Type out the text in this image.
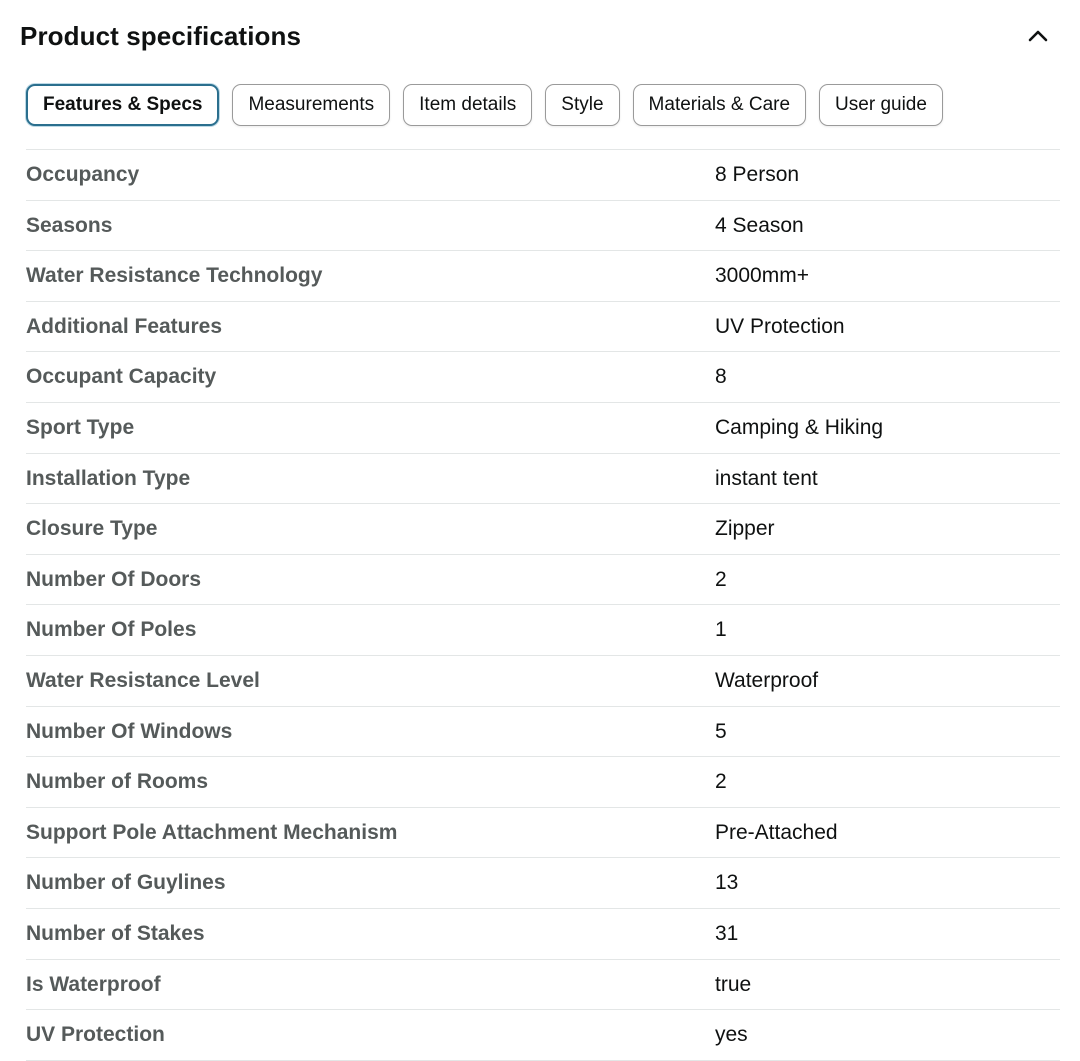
Product specifications
Features & Specs	Measurements	Item details	Style	Materials & Care	User guide
Occupancy	8 Person
Seasons	4 Season
Water Resistance Technology	3000mm+
Additional Features	UV Protection
Occupant Capacity	8
Sport Type	Camping & Hiking
Installation Type	instant tent
Closure Type	Zipper
Number Of Doors	2
Number Of Poles	1
Water Resistance Level	Waterproof
Number Of Windows	5
Number of Rooms	2
Support Pole Attachment Mechanism	Pre-Attached
Number of Guylines	13
Number of Stakes	31
Is Waterproof	true
UV Protection	yes
